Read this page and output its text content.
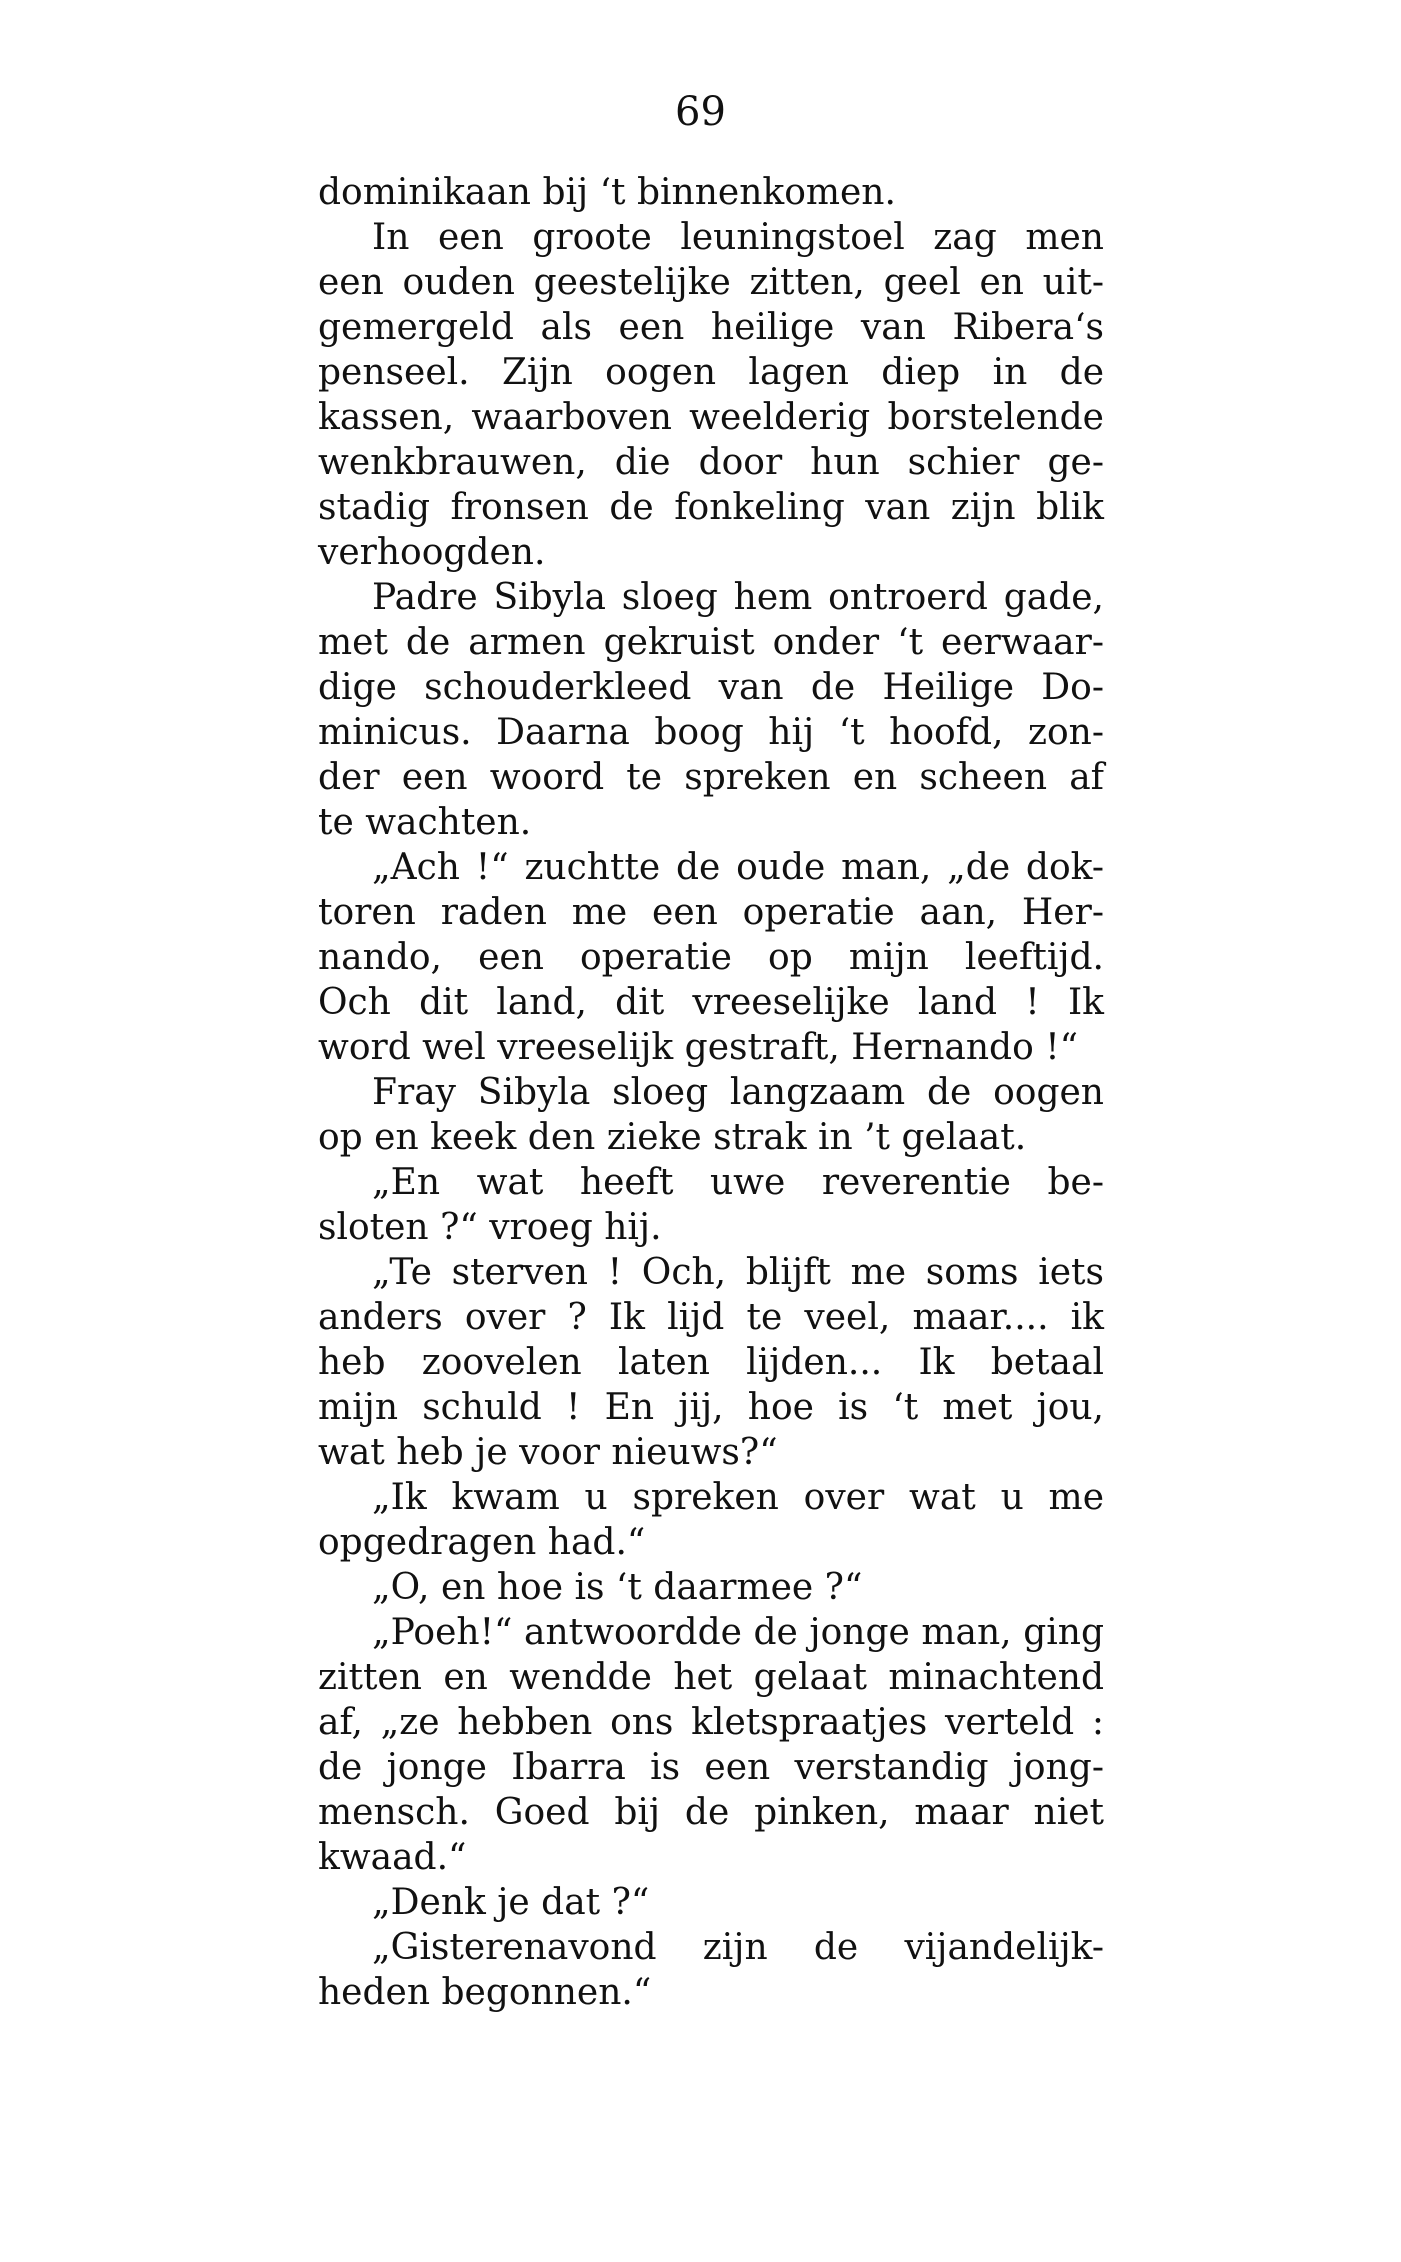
69
dominikaan bij ‘t binnenkomen.
In een groote leuningstoel zag men
een ouden geestelijke zitten, geel en uit-
gemergeld als een heilige van Ribera‘s
penseel. Zijn oogen lagen diep in de
kassen, waarboven weelderig borstelende
wenkbrauwen, die door hun schier ge-
stadig fronsen de fonkeling van zijn blik
verhoogden.
Padre Sibyla sloeg hem ontroerd gade,
met de armen gekruist onder ‘t eerwaar-
dige schouderkleed van de Heilige Do-
minicus. Daarna boog hij ‘t hoofd, zon-
der een woord te spreken en scheen af
te wachten.
„Ach !“ zuchtte de oude man, „de dok-
toren raden me een operatie aan, Her-
nando, een operatie op mijn leeftijd.
Och dit land, dit vreeselijke land ! Ik
word wel vreeselijk gestraft, Hernando !“
Fray Sibyla sloeg langzaam de oogen
op en keek den zieke strak in ’t gelaat.
„En wat heeft uwe reverentie be-
sloten ?“ vroeg hij.
„Te sterven ! Och, blijft me soms iets
anders over ? Ik lijd te veel, maar.... ik
heb zoovelen laten lijden... Ik betaal
mijn schuld ! En jij, hoe is ‘t met jou,
wat heb je voor nieuws?“
„Ik kwam u spreken over wat u me
opgedragen had.“
„O, en hoe is ‘t daarmee ?“
„Poeh!“ antwoordde de jonge man, ging
zitten en wendde het gelaat minachtend
af, „ze hebben ons kletspraatjes verteld :
de jonge Ibarra is een verstandig jong-
mensch. Goed bij de pinken, maar niet
kwaad.“
„Denk je dat ?“
„Gisterenavond zijn de vijandelijk-
heden begonnen.“
